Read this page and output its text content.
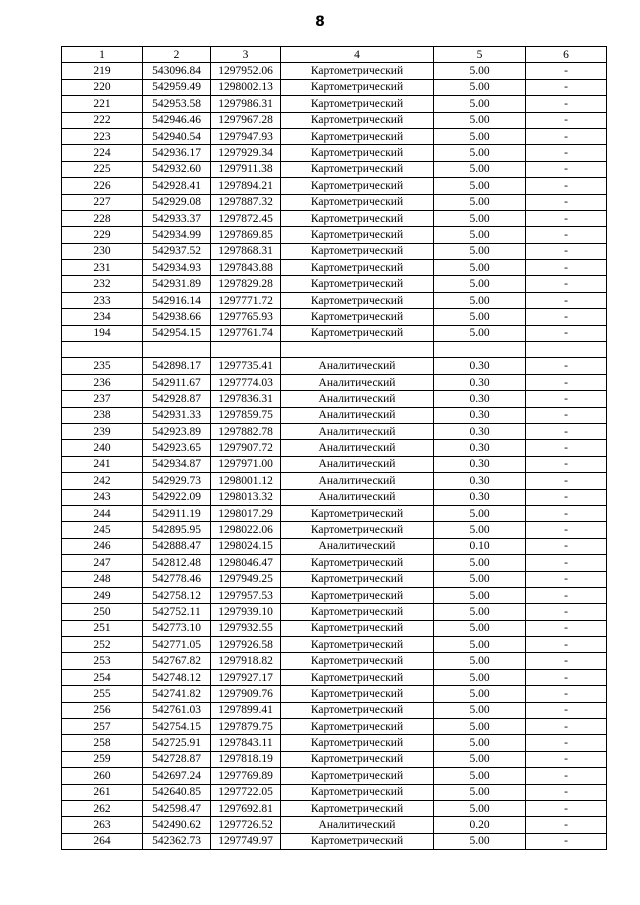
8
1	2	3	4	5	6
219	543096.84	1297952.06	Картометрический	5.00	-
220	542959.49	1298002.13	Картометрический	5.00	-
221	542953.58	1297986.31	Картометрический	5.00	-
222	542946.46	1297967.28	Картометрический	5.00	-
223	542940.54	1297947.93	Картометрический	5.00	-
224	542936.17	1297929.34	Картометрический	5.00	-
225	542932.60	1297911.38	Картометрический	5.00	-
226	542928.41	1297894.21	Картометрический	5.00	-
227	542929.08	1297887.32	Картометрический	5.00	-
228	542933.37	1297872.45	Картометрический	5.00	-
229	542934.99	1297869.85	Картометрический	5.00	-
230	542937.52	1297868.31	Картометрический	5.00	-
231	542934.93	1297843.88	Картометрический	5.00	-
232	542931.89	1297829.28	Картометрический	5.00	-
233	542916.14	1297771.72	Картометрический	5.00	-
234	542938.66	1297765.93	Картометрический	5.00	-
194	542954.15	1297761.74	Картометрический	5.00	-

235	542898.17	1297735.41	Аналитический	0.30	-
236	542911.67	1297774.03	Аналитический	0.30	-
237	542928.87	1297836.31	Аналитический	0.30	-
238	542931.33	1297859.75	Аналитический	0.30	-
239	542923.89	1297882.78	Аналитический	0.30	-
240	542923.65	1297907.72	Аналитический	0.30	-
241	542934.87	1297971.00	Аналитический	0.30	-
242	542929.73	1298001.12	Аналитический	0.30	-
243	542922.09	1298013.32	Аналитический	0.30	-
244	542911.19	1298017.29	Картометрический	5.00	-
245	542895.95	1298022.06	Картометрический	5.00	-
246	542888.47	1298024.15	Аналитический	0.10	-
247	542812.48	1298046.47	Картометрический	5.00	-
248	542778.46	1297949.25	Картометрический	5.00	-
249	542758.12	1297957.53	Картометрический	5.00	-
250	542752.11	1297939.10	Картометрический	5.00	-
251	542773.10	1297932.55	Картометрический	5.00	-
252	542771.05	1297926.58	Картометрический	5.00	-
253	542767.82	1297918.82	Картометрический	5.00	-
254	542748.12	1297927.17	Картометрический	5.00	-
255	542741.82	1297909.76	Картометрический	5.00	-
256	542761.03	1297899.41	Картометрический	5.00	-
257	542754.15	1297879.75	Картометрический	5.00	-
258	542725.91	1297843.11	Картометрический	5.00	-
259	542728.87	1297818.19	Картометрический	5.00	-
260	542697.24	1297769.89	Картометрический	5.00	-
261	542640.85	1297722.05	Картометрический	5.00	-
262	542598.47	1297692.81	Картометрический	5.00	-
263	542490.62	1297726.52	Аналитический	0.20	-
264	542362.73	1297749.97	Картометрический	5.00	-
